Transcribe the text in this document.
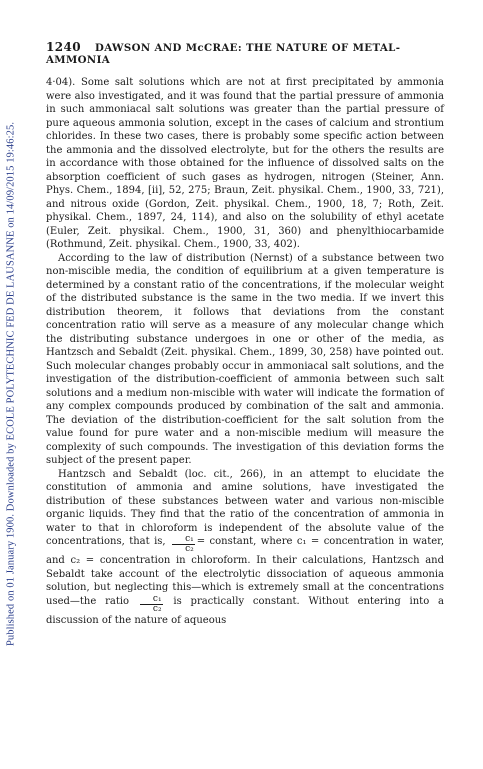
Published on 01 January 1900. Downloaded by ECOLE POLYTECHNIC FED DE LAUSANNE on 14/09/2015 19:46:25.
1240 DAWSON AND McCRAE: THE NATURE OF METAL-AMMONIA

4·04). Some salt solutions which are not at first precipitated by ammonia were also investigated, and it was found that the partial pressure of ammonia in such ammoniacal salt solutions was greater than the partial pressure of pure aqueous ammonia solution, except in the cases of calcium and strontium chlorides. In these two cases, there is probably some specific action between the ammonia and the dissolved electrolyte, but for the others the results are in accordance with those obtained for the influence of dissolved salts on the absorption coefficient of such gases as hydrogen, nitrogen (Steiner, Ann. Phys. Chem., 1894, [ii], 52, 275; Braun, Zeit. physikal. Chem., 1900, 33, 721), and nitrous oxide (Gordon, Zeit. physikal. Chem., 1900, 18, 7; Roth, Zeit. physikal. Chem., 1897, 24, 114), and also on the solubility of ethyl acetate (Euler, Zeit. physikal. Chem., 1900, 31, 360) and phenylthiocarbamide (Rothmund, Zeit. physikal. Chem., 1900, 33, 402).

According to the law of distribution (Nernst) of a substance between two non-miscible media, the condition of equilibrium at a given temperature is determined by a constant ratio of the concentrations, if the molecular weight of the distributed substance is the same in the two media. If we invert this distribution theorem, it follows that deviations from the constant concentration ratio will serve as a measure of any molecular change which the distributing substance undergoes in one or other of the media, as Hantzsch and Sebaldt (Zeit. physikal. Chem., 1899, 30, 258) have pointed out. Such molecular changes probably occur in ammoniacal salt solutions, and the investigation of the distribution-coefficient of ammonia between such salt solutions and a medium non-miscible with water will indicate the formation of any complex compounds produced by combination of the salt and ammonia. The deviation of the distribution-coefficient for the salt solution from the value found for pure water and a non-miscible medium will measure the complexity of such compounds. The investigation of this deviation forms the subject of the present paper.

Hantzsch and Sebaldt (loc. cit., 266), in an attempt to elucidate the constitution of ammonia and amine solutions, have investigated the distribution of these substances between water and various non-miscible organic liquids. They find that the ratio of the concentration of ammonia in water to that in chloroform is independent of the absolute value of the concentrations, that is, $\frac{\text{c₁}}{\text{c₂}}$ = constant, where c₁ = concentration in water, and c₂ = concentration in chloroform. In their calculations, Hantzsch and Sebaldt take account of the electrolytic dissociation of aqueous ammonia solution, but neglecting this—which is extremely small at the concentrations used—the ratio $\frac{\text{c₁}}{\text{c₂}}$ is practically constant. Without entering into a discussion of the nature of aqueous
